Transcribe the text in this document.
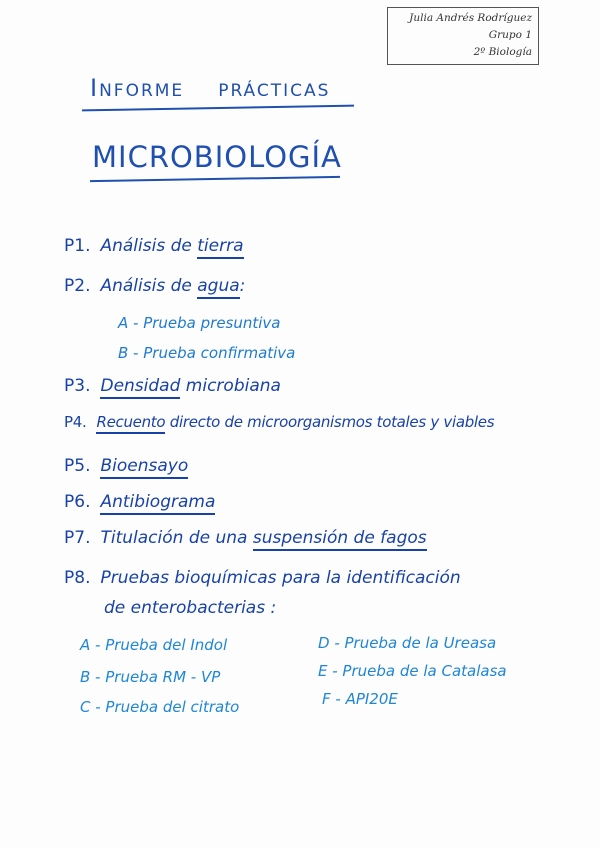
Julia Andrés Rodríguez
Grupo 1
2º Biología
Informe prácticas
MICROBIOLOGÍA
P1. Análisis de tierra
P2. Análisis de agua:
A - Prueba presuntiva
B - Prueba confirmativa
P3. Densidad microbiana
P4. Recuento directo de microorganismos totales y viables
P5. Bioensayo
P6. Antibiograma
P7. Titulación de una suspensión de fagos
P8. Pruebas bioquímicas para la identificación
de enterobacterias :
A - Prueba del Indol
B - Prueba RM - VP
C - Prueba del citrato
D - Prueba de la Ureasa
E - Prueba de la Catalasa
F - API20E
